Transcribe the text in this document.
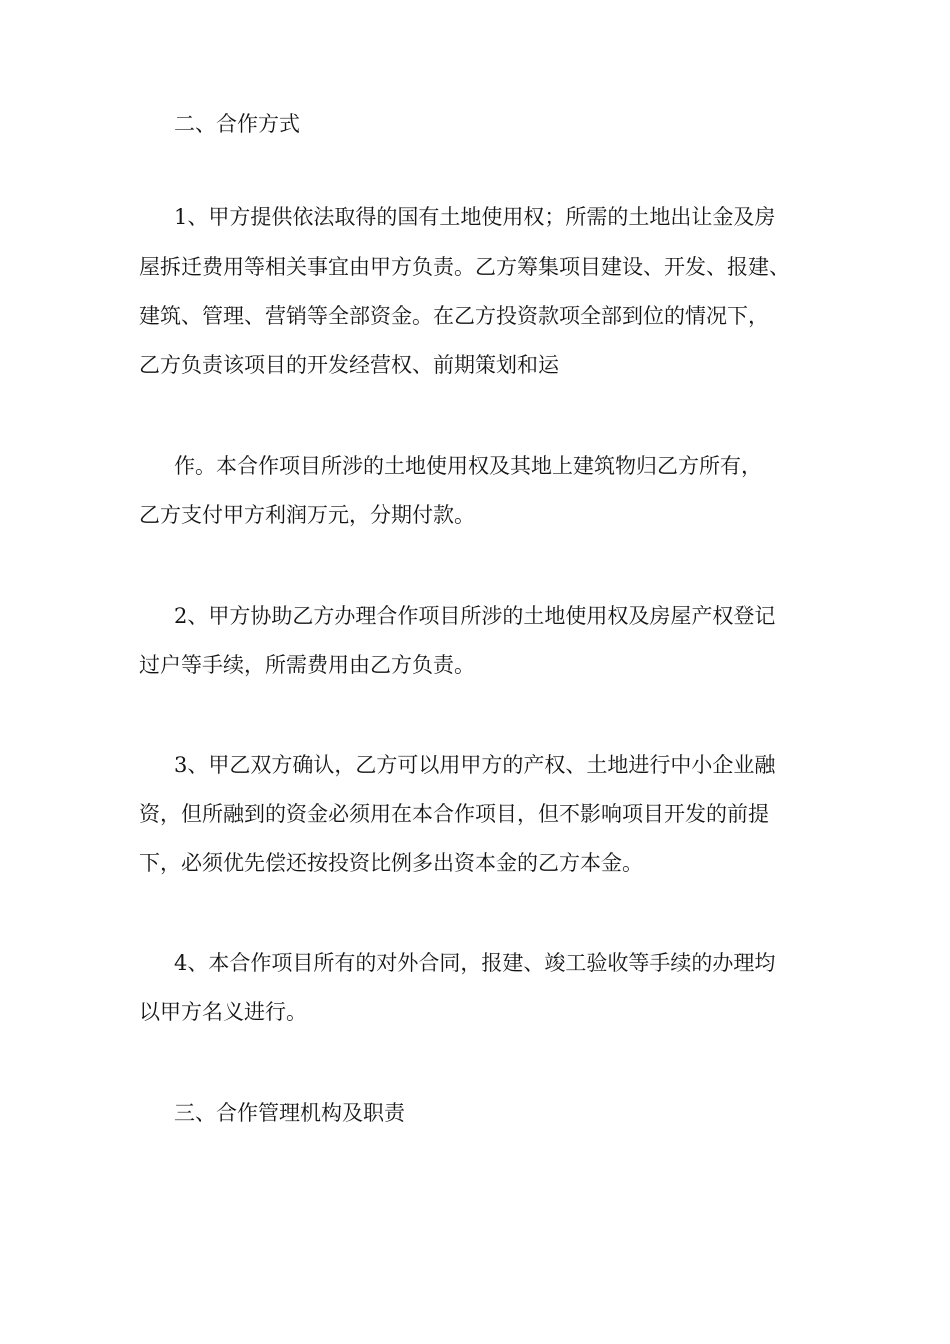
二、合作方式

1、甲方提供依法取得的国有土地使用权；所需的土地出让金及房

屋拆迁费用等相关事宜由甲方负责。乙方筹集项目建设、开发、报建、

建筑、管理、营销等全部资金。在乙方投资款项全部到位的情况下，

乙方负责该项目的开发经营权、前期策划和运

作。本合作项目所涉的土地使用权及其地上建筑物归乙方所有，

乙方支付甲方利润万元，分期付款。

2、甲方协助乙方办理合作项目所涉的土地使用权及房屋产权登记

过户等手续，所需费用由乙方负责。

3、甲乙双方确认，乙方可以用甲方的产权、土地进行中小企业融

资，但所融到的资金必须用在本合作项目，但不影响项目开发的前提

下，必须优先偿还按投资比例多出资本金的乙方本金。

4、本合作项目所有的对外合同，报建、竣工验收等手续的办理均

以甲方名义进行。

三、合作管理机构及职责
